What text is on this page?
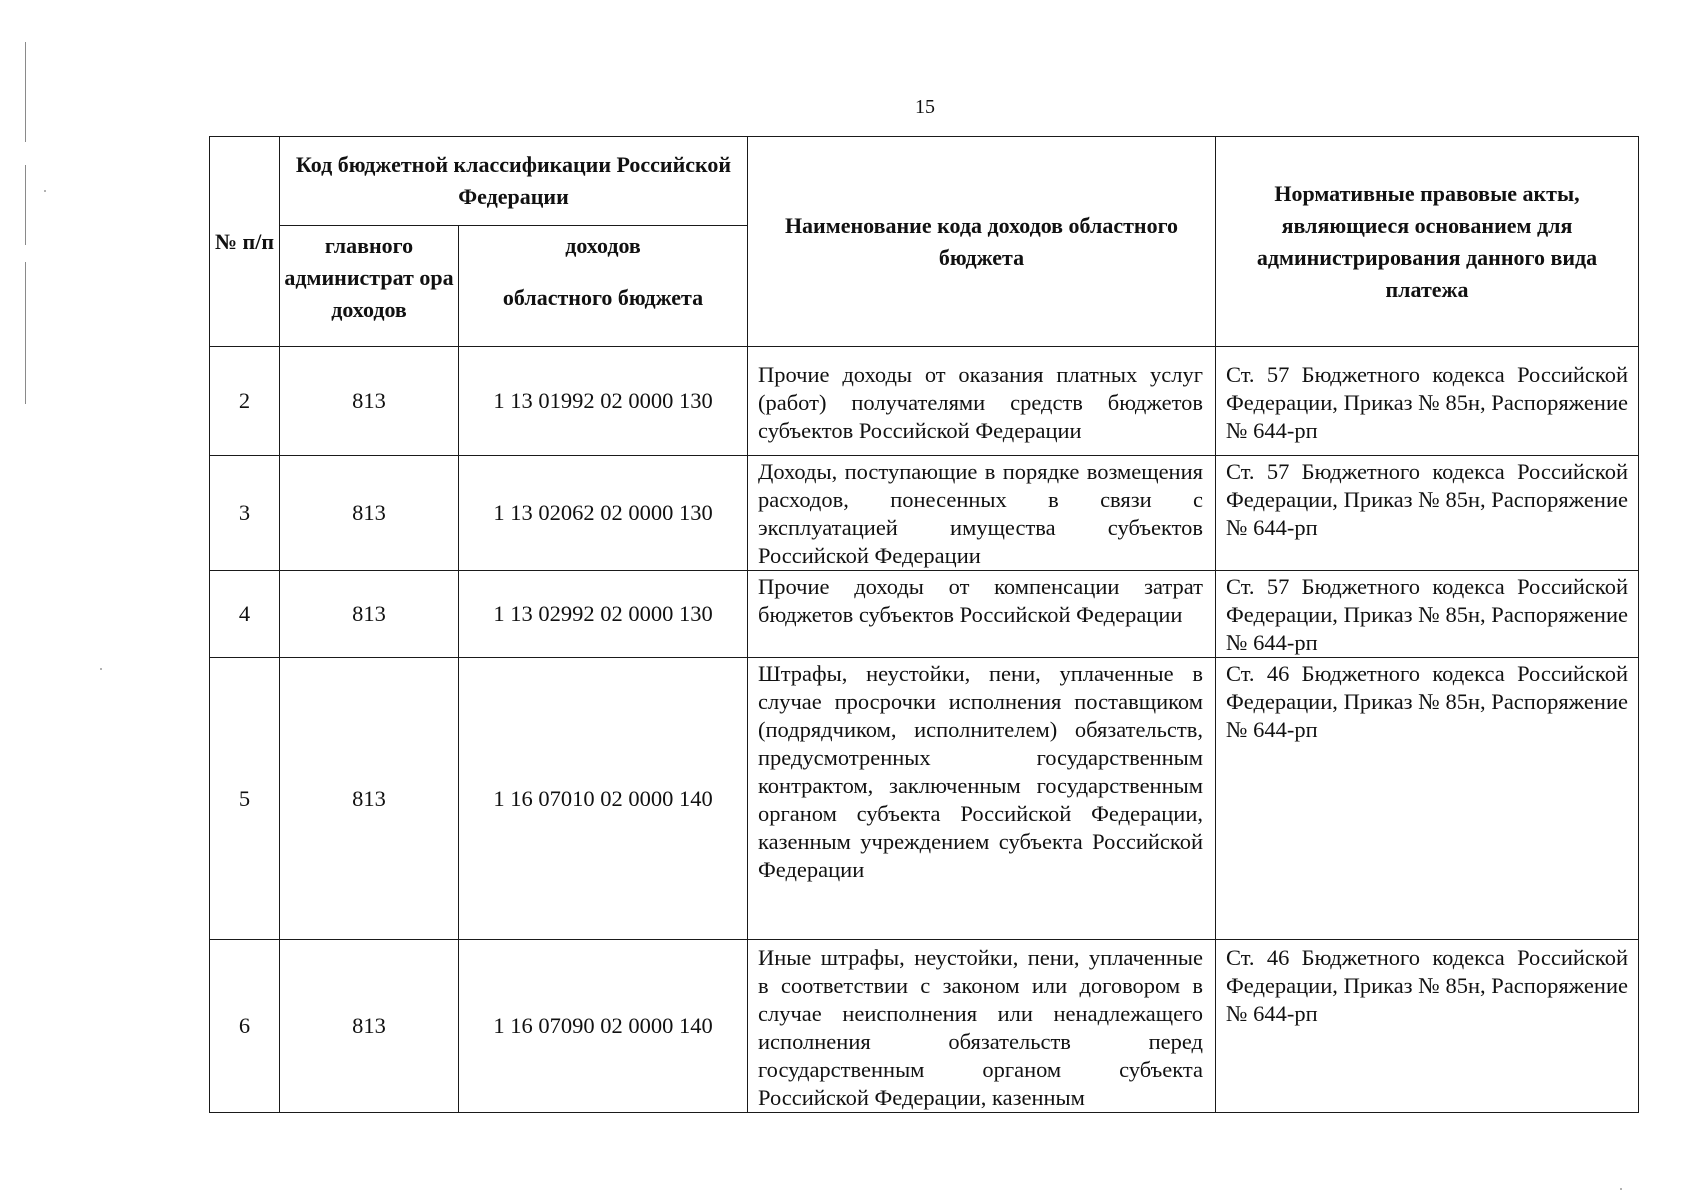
15
№ п/п	Код бюджетной классификации Российской Федерации		Наименование кода доходов областного бюджета	Нормативные правовые акты, являющиеся основанием для администрирования данного вида платежа
	главного администрат ора доходов	доходов
областного бюджета		

2	813	1 13 01992 02 0000 130	Прочие доходы от оказания платных услуг (работ) получателями средств бюджетов субъектов Российской Федерации	Ст. 57 Бюджетного кодекса Российской Федерации, Приказ № 85н, Распоряжение № 644-рп
3	813	1 13 02062 02 0000 130	Доходы, поступающие в порядке возмещения расходов, понесенных в связи с эксплуатацией имущества субъектов Российской Федерации	Ст. 57 Бюджетного кодекса Российской Федерации, Приказ № 85н, Распоряжение № 644-рп
4	813	1 13 02992 02 0000 130	Прочие доходы от компенсации затрат бюджетов субъектов Российской Федерации	Ст. 57 Бюджетного кодекса Российской Федерации, Приказ № 85н, Распоряжение № 644-рп
5	813	1 16 07010 02 0000 140	Штрафы, неустойки, пени, уплаченные в случае просрочки исполнения поставщиком (подрядчиком, исполнителем) обязательств, предусмотренных государственным контрактом, заключенным государственным органом субъекта Российской Федерации, казенным учреждением субъекта Российской Федерации	Ст. 46 Бюджетного кодекса Российской Федерации, Приказ № 85н, Распоряжение № 644-рп
6	813	1 16 07090 02 0000 140	Иные штрафы, неустойки, пени, уплаченные в соответствии с законом или договором в случае неисполнения или ненадлежащего исполнения обязательств перед государственным органом субъекта Российской Федерации, казенным	Ст. 46 Бюджетного кодекса Российской Федерации, Приказ № 85н, Распоряжение № 644-рп
